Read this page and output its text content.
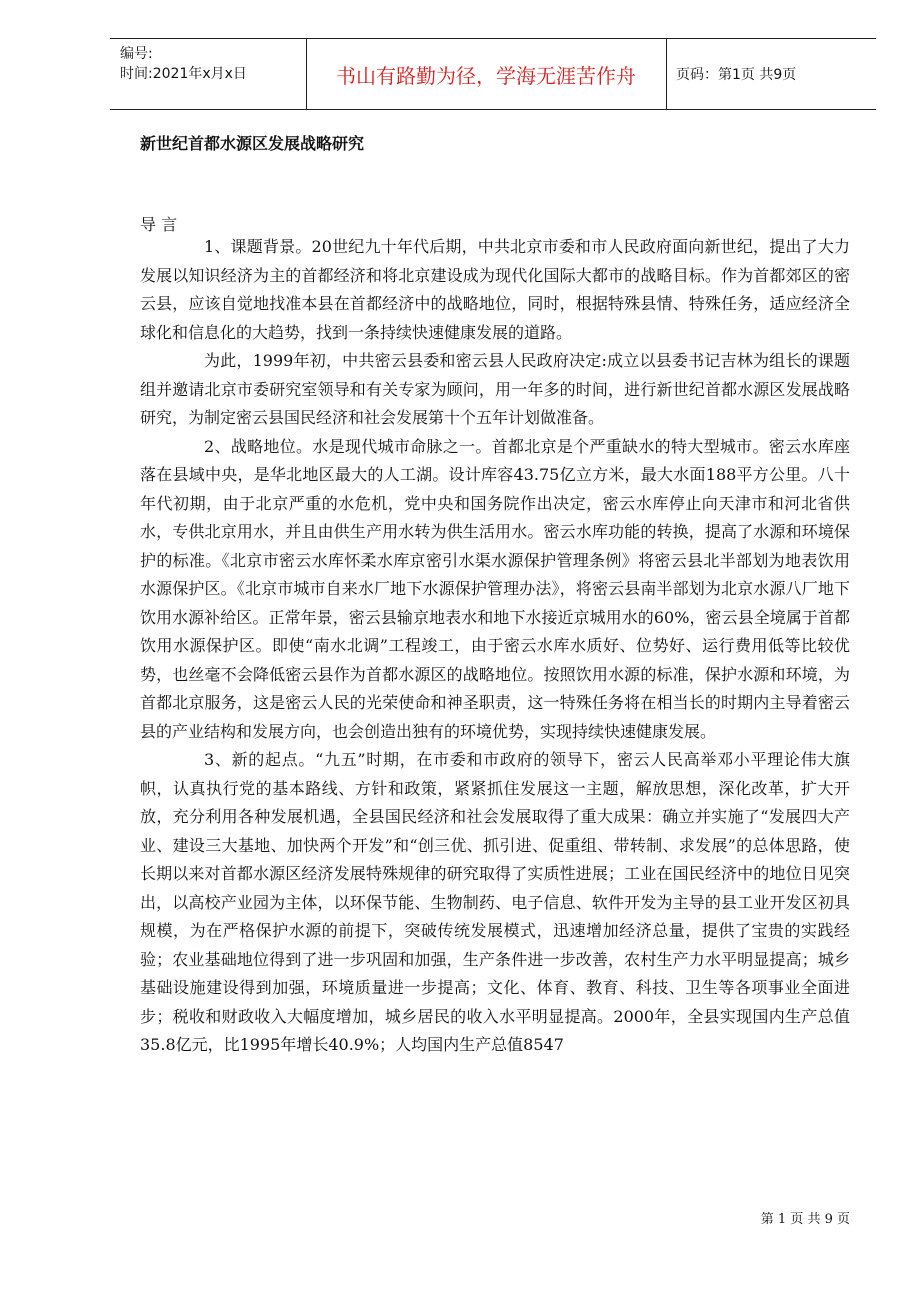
编号:
时间:2021年x月x日	书山有路勤为径，学海无涯苦作舟	页码：第1页 共9页
新世纪首都水源区发展战略研究
导 言

1、课题背景。20世纪九十年代后期，中共北京市委和市人民政府面向新世纪，提出了大力发展以知识经济为主的首都经济和将北京建设成为现代化国际大都市的战略目标。作为首都郊区的密云县，应该自觉地找准本县在首都经济中的战略地位，同时，根据特殊县情、特殊任务，适应经济全球化和信息化的大趋势，找到一条持续快速健康发展的道路。

为此，1999年初，中共密云县委和密云县人民政府决定:成立以县委书记吉林为组长的课题组并邀请北京市委研究室领导和有关专家为顾问，用一年多的时间，进行新世纪首都水源区发展战略研究，为制定密云县国民经济和社会发展第十个五年计划做准备。

2、战略地位。水是现代城市命脉之一。首都北京是个严重缺水的特大型城市。密云水库座落在县域中央，是华北地区最大的人工湖。设计库容43.75亿立方米，最大水面188平方公里。八十年代初期，由于北京严重的水危机，党中央和国务院作出决定，密云水库停止向天津市和河北省供水，专供北京用水，并且由供生产用水转为供生活用水。密云水库功能的转换，提高了水源和环境保护的标准。《北京市密云水库怀柔水库京密引水渠水源保护管理条例》将密云县北半部划为地表饮用水源保护区。《北京市城市自来水厂地下水源保护管理办法》，将密云县南半部划为北京水源八厂地下饮用水源补给区。正常年景，密云县输京地表水和地下水接近京城用水的60%，密云县全境属于首都饮用水源保护区。即使“南水北调”工程竣工，由于密云水库水质好、位势好、运行费用低等比较优势，也丝毫不会降低密云县作为首都水源区的战略地位。按照饮用水源的标准，保护水源和环境，为首都北京服务，这是密云人民的光荣使命和神圣职责，这一特殊任务将在相当长的时期内主导着密云县的产业结构和发展方向，也会创造出独有的环境优势，实现持续快速健康发展。

3、新的起点。“九五”时期，在市委和市政府的领导下，密云人民高举邓小平理论伟大旗帜，认真执行党的基本路线、方针和政策，紧紧抓住发展这一主题，解放思想，深化改革，扩大开放，充分利用各种发展机遇，全县国民经济和社会发展取得了重大成果：确立并实施了“发展四大产业、建设三大基地、加快两个开发”和“创三优、抓引进、促重组、带转制、求发展”的总体思路，使长期以来对首都水源区经济发展特殊规律的研究取得了实质性进展；工业在国民经济中的地位日见突出，以高校产业园为主体，以环保节能、生物制药、电子信息、软件开发为主导的县工业开发区初具规模，为在严格保护水源的前提下，突破传统发展模式，迅速增加经济总量，提供了宝贵的实践经验；农业基础地位得到了进一步巩固和加强，生产条件进一步改善，农村生产力水平明显提高；城乡基础设施建设得到加强，环境质量进一步提高；文化、体育、教育、科技、卫生等各项事业全面进步；税收和财政收入大幅度增加，城乡居民的收入水平明显提高。2000年，全县实现国内生产总值35.8亿元，比1995年增长40.9%；人均国内生产总值8547

第 1 页 共 9 页
